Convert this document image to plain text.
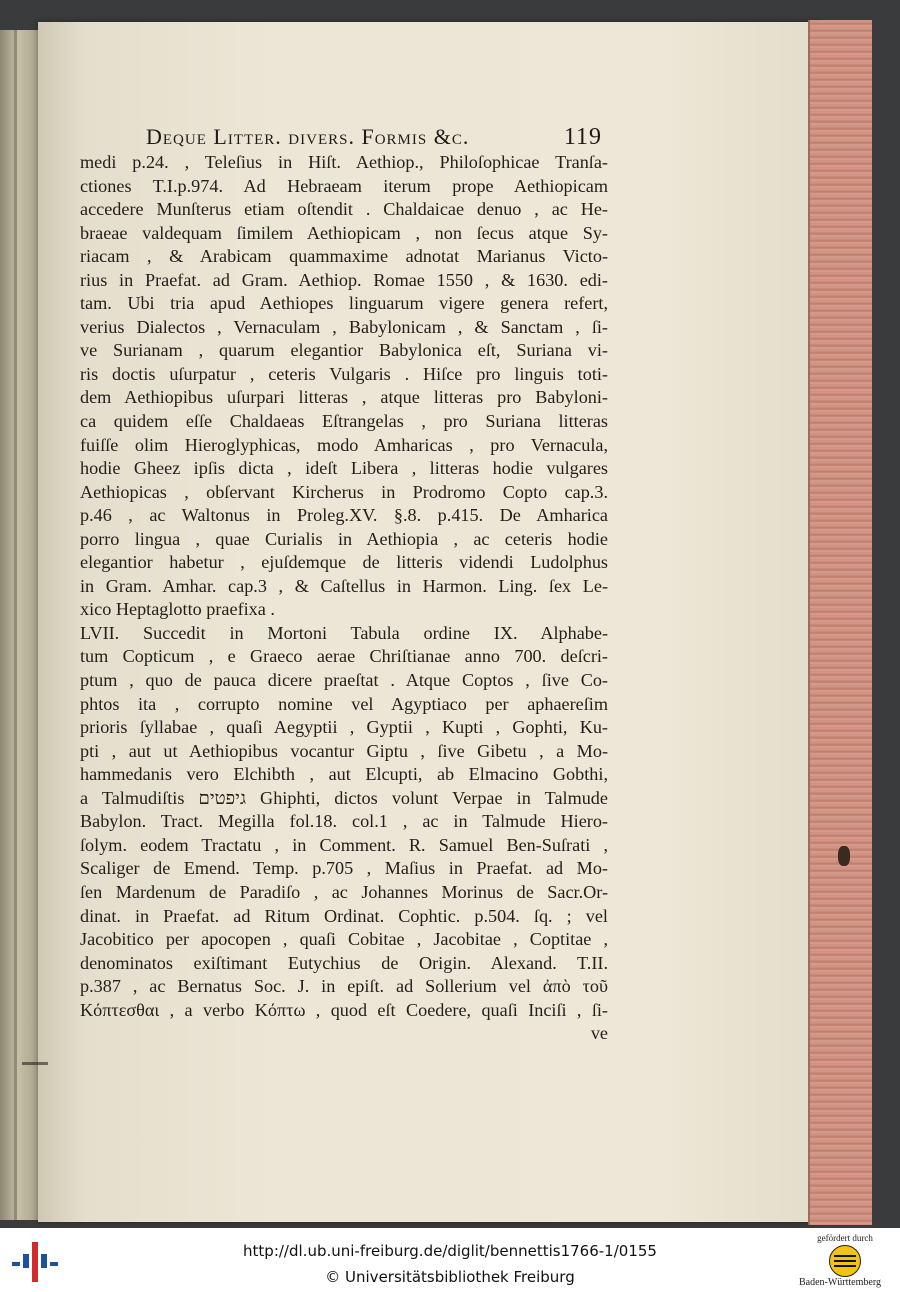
Deque Litter. divers. Formis &c.	119
medi p.24. , Teleſius in Hiſt. Aethiop., Philoſophicae Tranſa-
ctiones T.I.p.974. Ad Hebraeam iterum prope Aethiopicam
accedere Munſterus etiam oſtendit . Chaldaicae denuo , ac He-
braeae valdequam ſimilem Aethiopicam , non ſecus atque Sy-
riacam , & Arabicam quammaxime adnotat Marianus Victo-
rius in Praefat. ad Gram. Aethiop. Romae 1550 , & 1630. edi-
tam. Ubi tria apud Aethiopes linguarum vigere genera refert,
verius Dialectos , Vernaculam , Babylonicam , & Sanctam , ſi-
ve Surianam , quarum elegantior Babylonica eſt, Suriana vi-
ris doctis uſurpatur , ceteris Vulgaris . Hiſce pro linguis toti-
dem Aethiopibus uſurpari litteras , atque litteras pro Babyloni-
ca quidem eſſe Chaldaeas Eſtrangelas , pro Suriana litteras
fuiſſe olim Hieroglyphicas, modo Amharicas , pro Vernacula,
hodie Gheez ipſis dicta , ideſt Libera , litteras hodie vulgares
Aethiopicas , obſervant Kircherus in Prodromo Copto cap.3.
p.46 , ac Waltonus in Proleg.XV. §.8. p.415. De Amharica
porro lingua , quae Curialis in Aethiopia , ac ceteris hodie
elegantior habetur , ejuſdemque de litteris videndi Ludolphus
in Gram. Amhar. cap.3 , & Caſtellus in Harmon. Ling. ſex Le-
xico Heptaglotto praefixa .
LVII. Succedit in Mortoni Tabula ordine IX. Alphabe-
tum Copticum , e Graeco aerae Chriſtianae anno 700. deſcri-
ptum , quo de pauca dicere praeſtat . Atque Coptos , ſive Co-
phtos ita , corrupto nomine vel Agyptiaco per aphaereſim
prioris ſyllabae , quaſi Aegyptii , Gyptii , Kupti , Gophti, Ku-
pti , aut ut Aethiopibus vocantur Giptu , ſive Gibetu , a Mo-
hammedanis vero Elchibth , aut Elcupti, ab Elmacino Gobthi,
a Talmudiſtis גיפטים Ghiphti, dictos volunt Verpae in Talmude
Babylon. Tract. Megilla fol.18. col.1 , ac in Talmude Hiero-
ſolym. eodem Tractatu , in Comment. R. Samuel Ben-Suſrati ,
Scaliger de Emend. Temp. p.705 , Maſius in Praefat. ad Mo-
ſen Mardenum de Paradiſo , ac Johannes Morinus de Sacr.Or-
dinat. in Praefat. ad Ritum Ordinat. Cophtic. p.504. ſq. ; vel
Jacobitico per apocopen , quaſi Cobitae , Jacobitae , Coptitae ,
denominatos exiſtimant Eutychius de Origin. Alexand. T.II.
p.387 , ac Bernatus Soc. J. in epiſt. ad Sollerium vel ἀπὸ τοῦ
Κόπτεσθαι , a verbo Κόπτω , quod eſt Coedere, quaſi Inciſi , ſi-
ve
http://dl.ub.uni-freiburg.de/diglit/bennettis1766-1/0155
© Universitätsbibliothek Freiburg
gefördert durch
Baden-Württemberg
